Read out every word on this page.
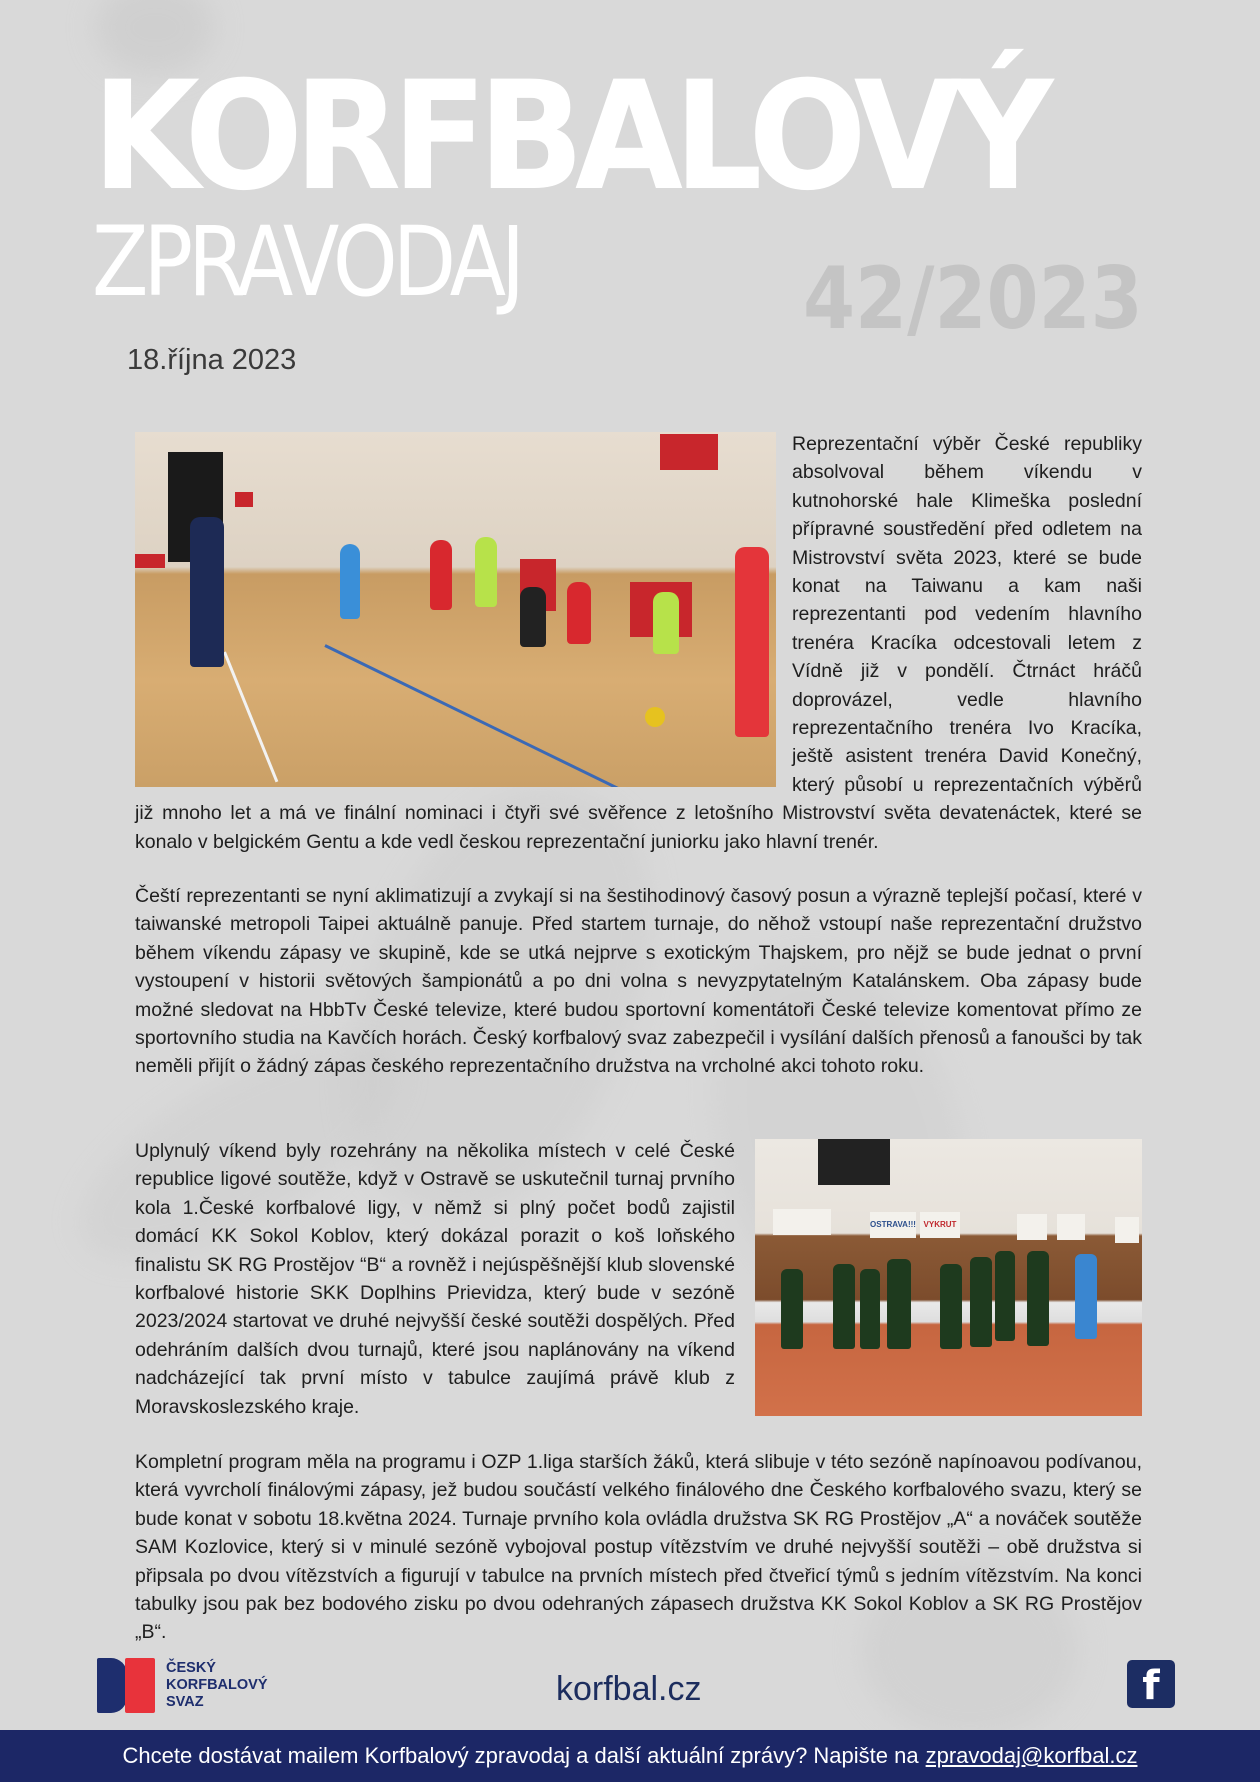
KORFBALOVÝ
ZPRAVODAJ	42/2023
18.října 2023

Reprezentační výběr České republiky absolvoval během víkendu v kutnohorské hale Klimeška poslední přípravné soustředění před odletem na Mistrovství světa 2023, které se bude konat na Taiwanu a kam naši reprezentanti pod vedením hlavního trenéra Kracíka odcestovali letem z Vídně již v pondělí. Čtrnáct hráčů doprovázel, vedle hlavního reprezentačního trenéra Ivo Kracíka, ještě asistent trenéra David Konečný, který působí u reprezentačních výběrů již mnoho let a má ve finální nominaci i čtyři své svěřence z letošního Mistrovství světa devatenáctek, které se konalo v belgickém Gentu a kde vedl českou reprezentační juniorku jako hlavní trenér.

Čeští reprezentanti se nyní aklimatizují a zvykají si na šestihodinový časový posun a výrazně teplejší počasí, které v taiwanské metropoli Taipei aktuálně panuje. Před startem turnaje, do něhož vstoupí naše reprezentační družstvo během víkendu zápasy ve skupině, kde se utká nejprve s exotickým Thajskem, pro nějž se bude jednat o první vystoupení v historii světových šampionátů a po dni volna s nevyzpytatelným Katalánskem. Oba zápasy bude možné sledovat na HbbTv České televize, které budou sportovní komentátoři České televize komentovat přímo ze sportovního studia na Kavčích horách. Český korfbalový svaz zabezpečil i vysílání dalších přenosů a fanoušci by tak neměli přijít o žádný zápas českého reprezentačního družstva na vrcholné akci tohoto roku.

OSTRAVA!!! VYKRUT

Uplynulý víkend byly rozehrány na několika místech v celé České republice ligové soutěže, když v Ostravě se uskutečnil turnaj prvního kola 1.České korfbalové ligy, v němž si plný počet bodů zajistil domácí KK Sokol Koblov, který dokázal porazit o koš loňského finalistu SK RG Prostějov “B“ a rovněž i nejúspěšnější klub slovenské korfbalové historie SKK Doplhins Prievidza, který bude v sezóně 2023/2024 startovat ve druhé nejvyšší české soutěži dospělých. Před odehráním dalších dvou turnajů, které jsou naplánovány na víkend nadcházející tak první místo v tabulce zaujímá právě klub z Moravskoslezského kraje.

Kompletní program měla na programu i OZP 1.liga starších žáků, která slibuje v této sezóně napínoavou podívanou, která vyvrcholí finálovými zápasy, jež budou součástí velkého finálového dne Českého korfbalového svazu, který se bude konat v sobotu 18.května 2024. Turnaje prvního kola ovládla družstva SK RG Prostějov „A“ a nováček soutěže SAM Kozlovice, který si v minulé sezóně vybojoval postup vítězstvím ve druhé nejvyšší soutěži – obě družstva si připsala po dvou vítězstvích a figurují v tabulce na prvních místech před čtveřicí týmů s jedním vítězstvím. Na konci tabulky jsou pak bez bodového zisku po dvou odehraných zápasech družstva KK Sokol Koblov a SK RG Prostějov „B“.

ČESKÝ
KORFBALOVÝ
SVAZ	korfbal.cz	f
Chcete dostávat mailem Korfbalový zpravodaj a další aktuální zprávy? Napište na zpravodaj@korfbal.cz
